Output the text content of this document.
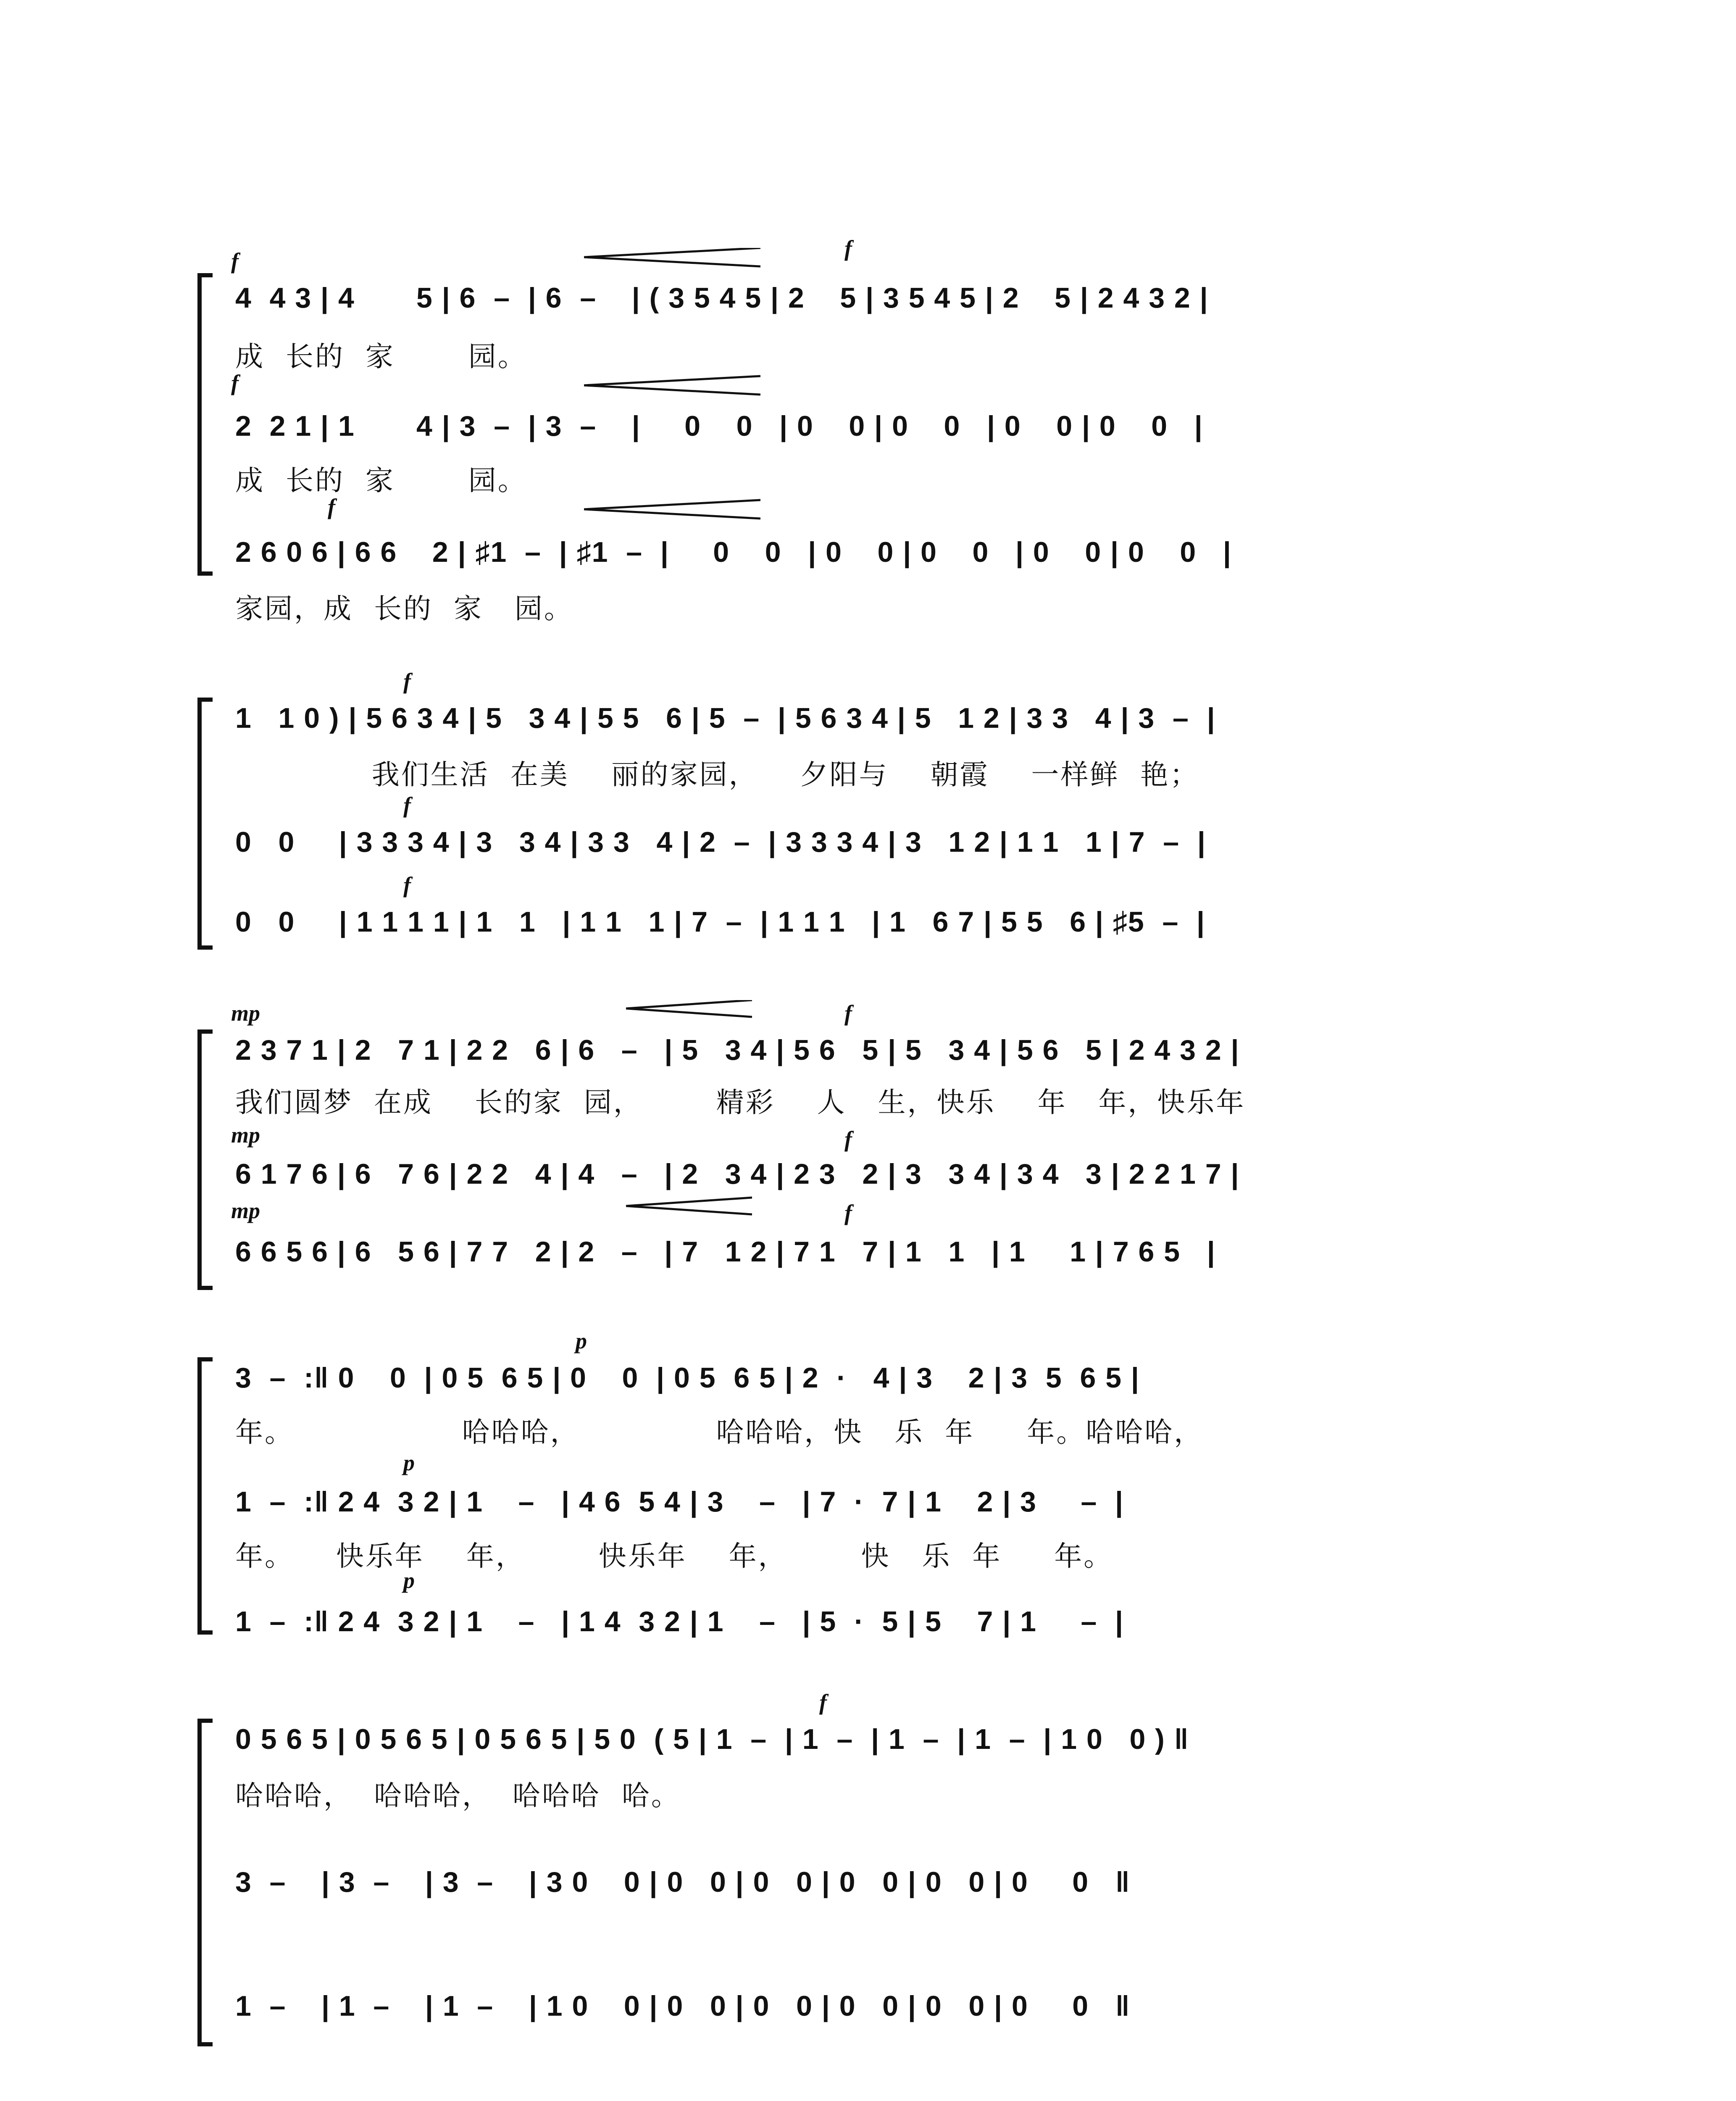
f	f
4  4 3 | 4       5 | 6  –  | 6  –    | ( 3 5 4 5 | 2    5 | 3 5 4 5 | 2    5 | 2 4 3 2 |
成  长的  家       园。
f
2  2 1 | 1       4 | 3  –  | 3  –    |     0    0   | 0    0 | 0    0   | 0    0 | 0    0   |
成  长的  家       园。
f
2 6 0 6 | 6 6    2 | ♯1  –  | ♯1  –  |     0    0   | 0    0 | 0    0   | 0    0 | 0    0   |
家园，成  长的  家   园。
f
1   1 0 ) | 5 6 3 4 | 5   3 4 | 5 5   6 | 5  –  | 5 6 3 4 | 5   1 2 | 3 3   4 | 3  –  |
我们生活  在美    丽的家园，    夕阳与    朝霞    一样鲜  艳；
f
0   0     | 3 3 3 4 | 3   3 4 | 3 3   4 | 2  –  | 3 3 3 4 | 3   1 2 | 1 1   1 | 7  –  |
f
0   0     | 1 1 1 1 | 1   1   | 1 1   1 | 7  –  | 1 1 1   | 1   6 7 | 5 5   6 | ♯5  –  |
mp	f
2 3 7 1 | 2   7 1 | 2 2   6 | 6   –   | 5   3 4 | 5 6   5 | 5   3 4 | 5 6   5 | 2 4 3 2 |
我们圆梦  在成    长的家  园，       精彩    人   生，快乐    年   年，快乐年
mp	f
6 1 7 6 | 6   7 6 | 2 2   4 | 4   –   | 2   3 4 | 2 3   2 | 3   3 4 | 3 4   3 | 2 2 1 7 |
mp	f
6 6 5 6 | 6   5 6 | 7 7   2 | 2   –   | 7   1 2 | 7 1   7 | 1   1   | 1     1 | 7 6 5   |
p
3  –  :‖ 0    0  | 0 5  6 5 | 0    0  | 0 5  6 5 | 2  ·   4 | 3    2 | 3  5  6 5 |
年。                哈哈哈，             哈哈哈，快   乐  年     年。哈哈哈，
p
1  –  :‖ 2 4  3 2 | 1    –   | 4 6  5 4 | 3    –   | 7  ·  7 | 1    2 | 3     –  |
年。    快乐年    年，       快乐年    年，       快   乐  年     年。
p
1  –  :‖ 2 4  3 2 | 1    –   | 1 4  3 2 | 1    –   | 5  ·  5 | 5    7 | 1     –  |
f
0 5 6 5 | 0 5 6 5 | 0 5 6 5 | 5 0  ( 5 | 1  –  | 1  –  | 1  –  | 1  –  | 1 0   0 ) ‖
哈哈哈，  哈哈哈，  哈哈哈  哈。
3  –    | 3  –    | 3  –    | 3 0    0 | 0   0 | 0   0 | 0   0 | 0   0 | 0     0   ‖
1  –    | 1  –    | 1  –    | 1 0    0 | 0   0 | 0   0 | 0   0 | 0   0 | 0     0   ‖
